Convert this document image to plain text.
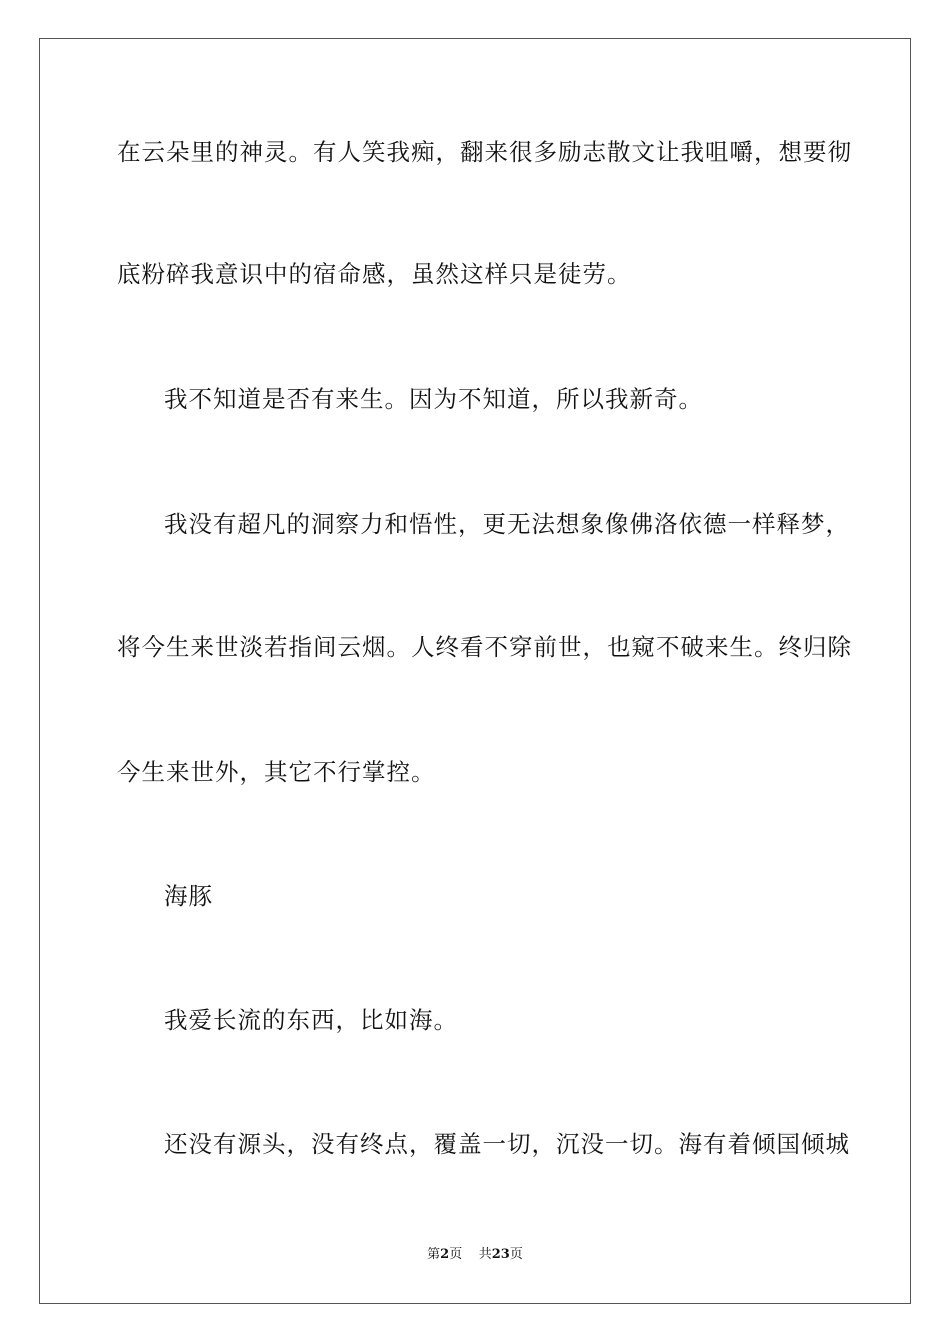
在云朵里的神灵。有人笑我痴，翻来很多励志散文让我咀嚼，想要彻
底粉碎我意识中的宿命感，虽然这样只是徒劳。
我不知道是否有来生。因为不知道，所以我新奇。
我没有超凡的洞察力和悟性，更无法想象像佛洛依德一样释梦，
将今生来世淡若指间云烟。人终看不穿前世，也窥不破来生。终归除
今生来世外，其它不行掌控。
海豚
我爱长流的东西，比如海。
还没有源头，没有终点，覆盖一切，沉没一切。海有着倾国倾城
第2页 共23页
